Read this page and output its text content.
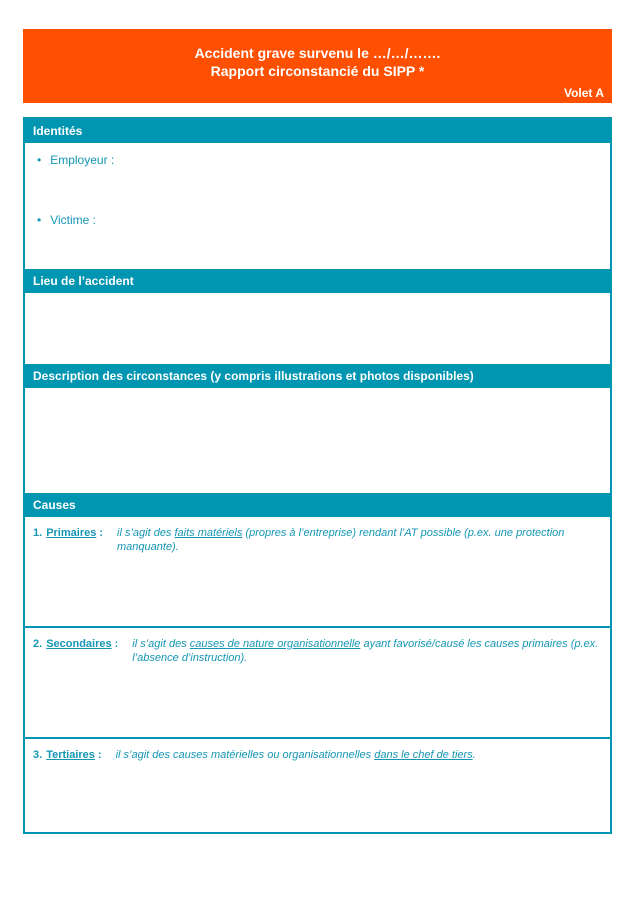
Accident grave survenu le …/…/…….
Rapport circonstancié du SIPP *
Volet A
Identités
• Employeur :
• Victime :
Lieu de l’accident
Description des circonstances (y compris illustrations et photos disponibles)
Causes
1. Primaires : il s’agit des faits matériels (propres à l’entreprise) rendant l’AT possible (p.ex. une protection manquante).
2. Secondaires : il s’agit des causes de nature organisationnelle ayant favorisé/causé les causes primaires (p.ex. l’absence d’instruction).
3. Tertiaires : il s’agit des causes matérielles ou organisationnelles dans le chef de tiers.
